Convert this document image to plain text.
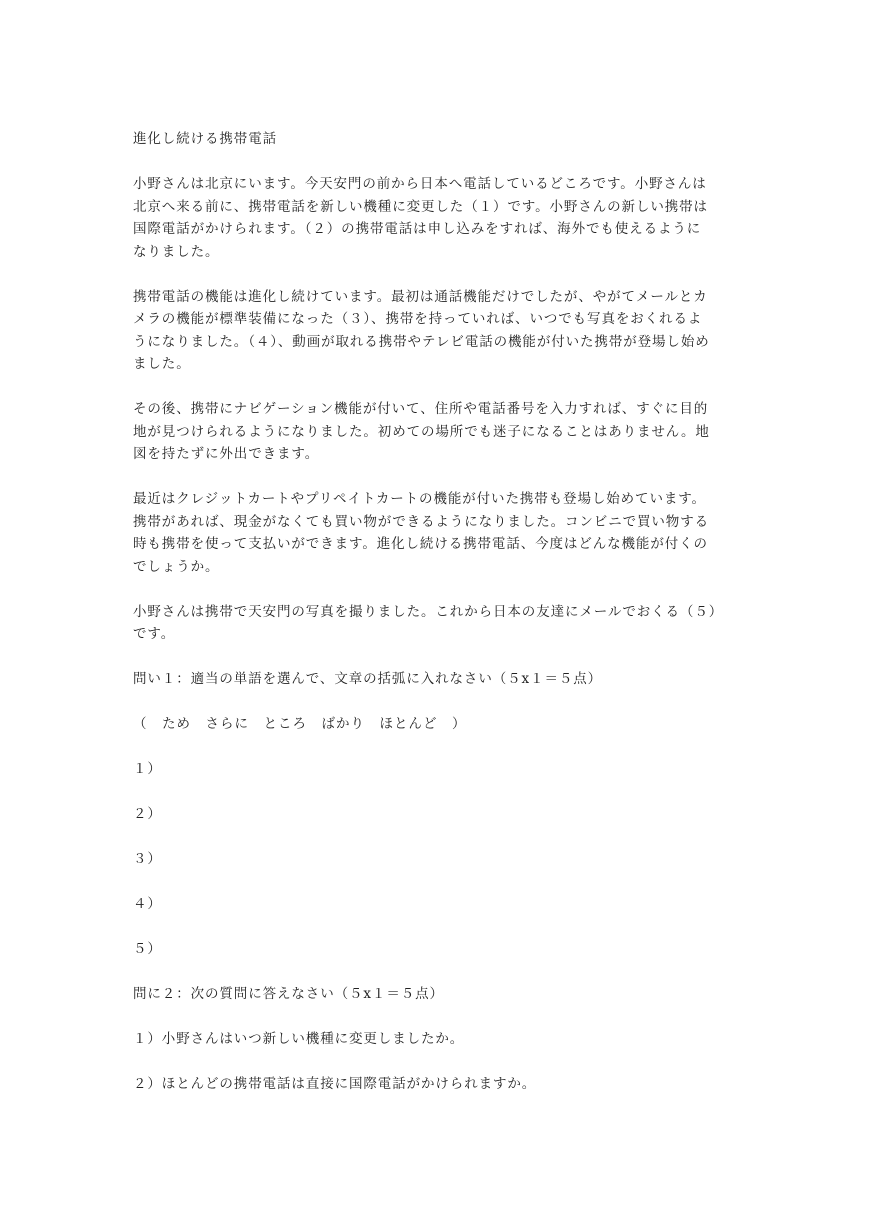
進化し続ける携帯電話

小野さんは北京にいます。今天安門の前から日本へ電話しているどころです。小野さんは

北京へ来る前に、携帯電話を新しい機種に変更した（１）です。小野さんの新しい携帯は

国際電話がかけられます。（２）の携帯電話は申し込みをすれば、海外でも使えるように

なりました。

携帯電話の機能は進化し続けています。最初は通話機能だけでしたが、やがてメールとカ

メラの機能が標準装備になった（３）、携帯を持っていれば、いつでも写真をおくれるよ

うになりました。（４）、動画が取れる携帯やテレビ電話の機能が付いた携帯が登場し始め

ました。

その後、携帯にナビゲーション機能が付いて、住所や電話番号を入力すれば、すぐに目的

地が見つけられるようになりました。初めての場所でも迷子になることはありません。地

図を持たずに外出できます。

最近はクレジットカートやプリペイトカートの機能が付いた携帯も登場し始めています。

携帯があれば、現金がなくても買い物ができるようになりました。コンビニで買い物する

時も携帯を使って支払いができます。進化し続ける携帯電話、今度はどんな機能が付くの

でしょうか。

小野さんは携帯で天安門の写真を撮りました。これから日本の友達にメールでおくる（５）

です。

問い１：適当の単語を選んで、文章の括弧に入れなさい（５x１＝５点）

（　ため　さらに　ところ　ばかり　ほとんど　）

１）

２）

３）

４）

５）

問に２：次の質問に答えなさい（５x１＝５点）

１）小野さんはいつ新しい機種に変更しましたか。

２）ほとんどの携帯電話は直接に国際電話がかけられますか。
